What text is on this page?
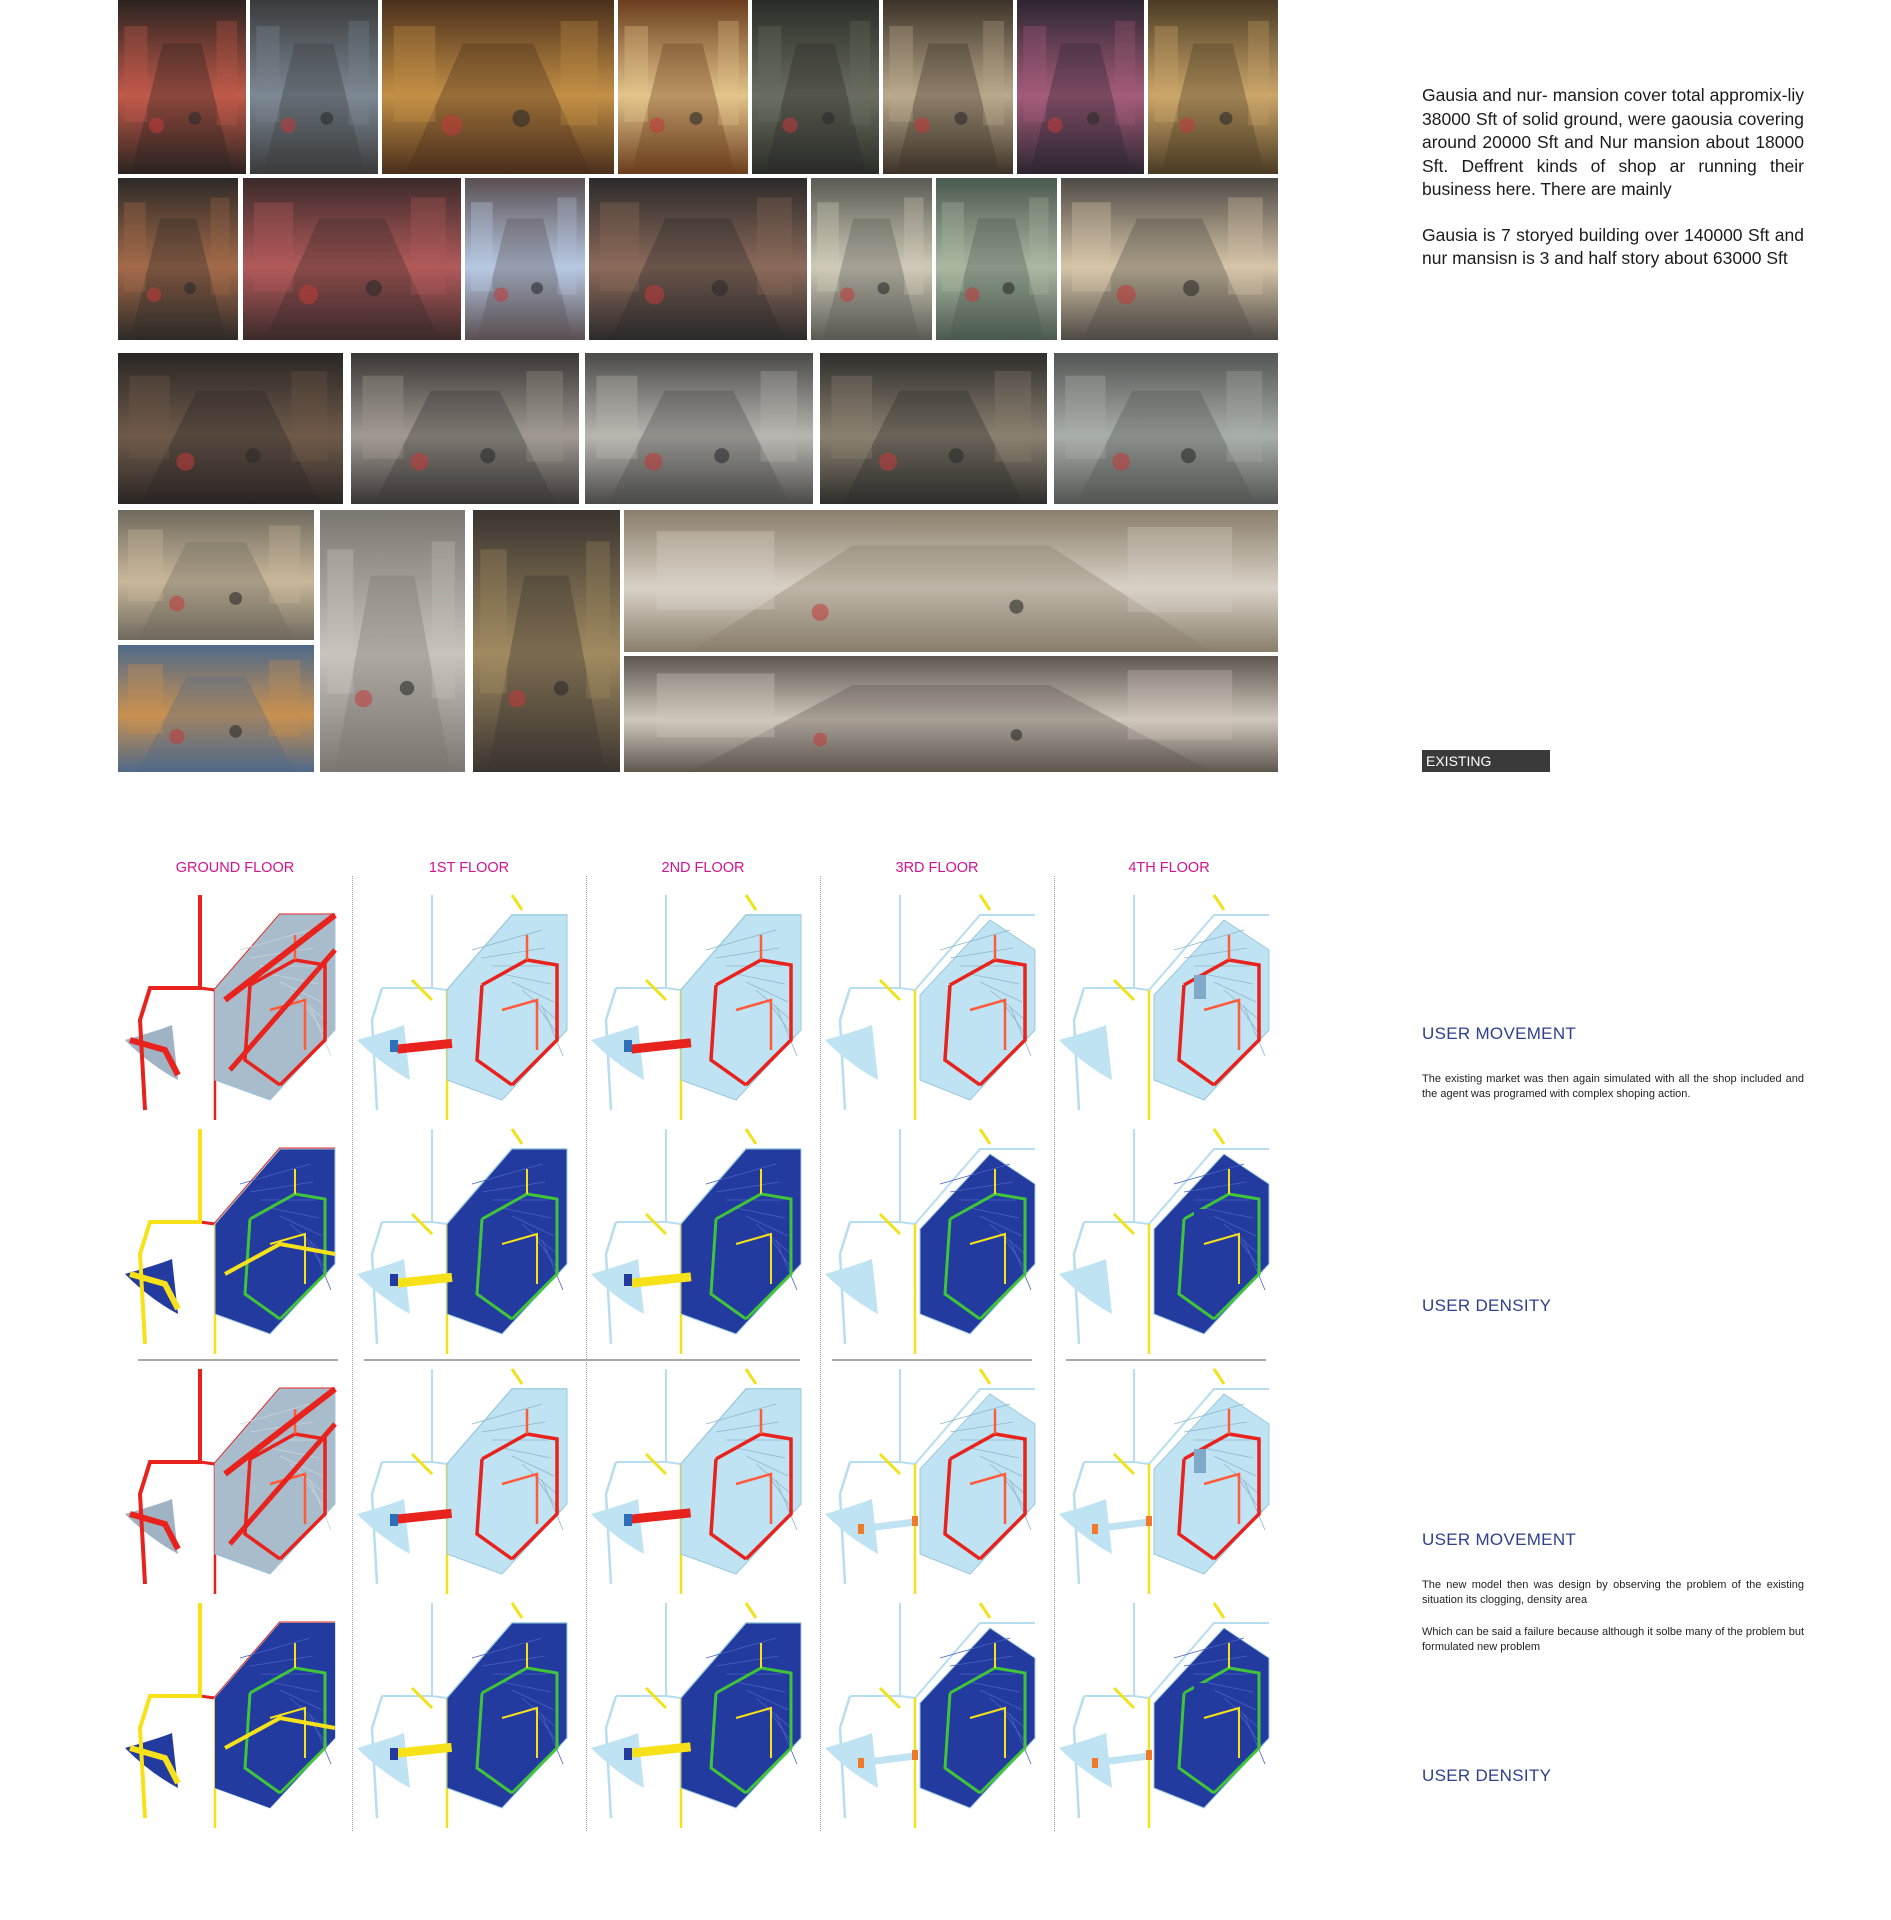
Gausia and nur- mansion cover total appromix-liy 38000 Sft of solid ground, were gaousia covering around 20000 Sft and Nur mansion about 18000 Sft. Deffrent kinds of shop ar running their business here. There are mainly

Gausia is 7 storyed building over 140000 Sft and nur mansisn is 3 and half story about 63000 Sft

EXISTING
USER MOVEMENT

The existing market was then again simulated with all the shop included and the agent was programed with complex shoping action.

USER DENSITY
USER MOVEMENT

The new model then was design by observing the problem of the existing situation its clogging, density area

Which can be said a failure because although it solbe many of the problem but formulated new problem

USER DENSITY
GROUND FLOOR	1ST FLOOR	2ND FLOOR	3RD FLOOR	4TH FLOOR
